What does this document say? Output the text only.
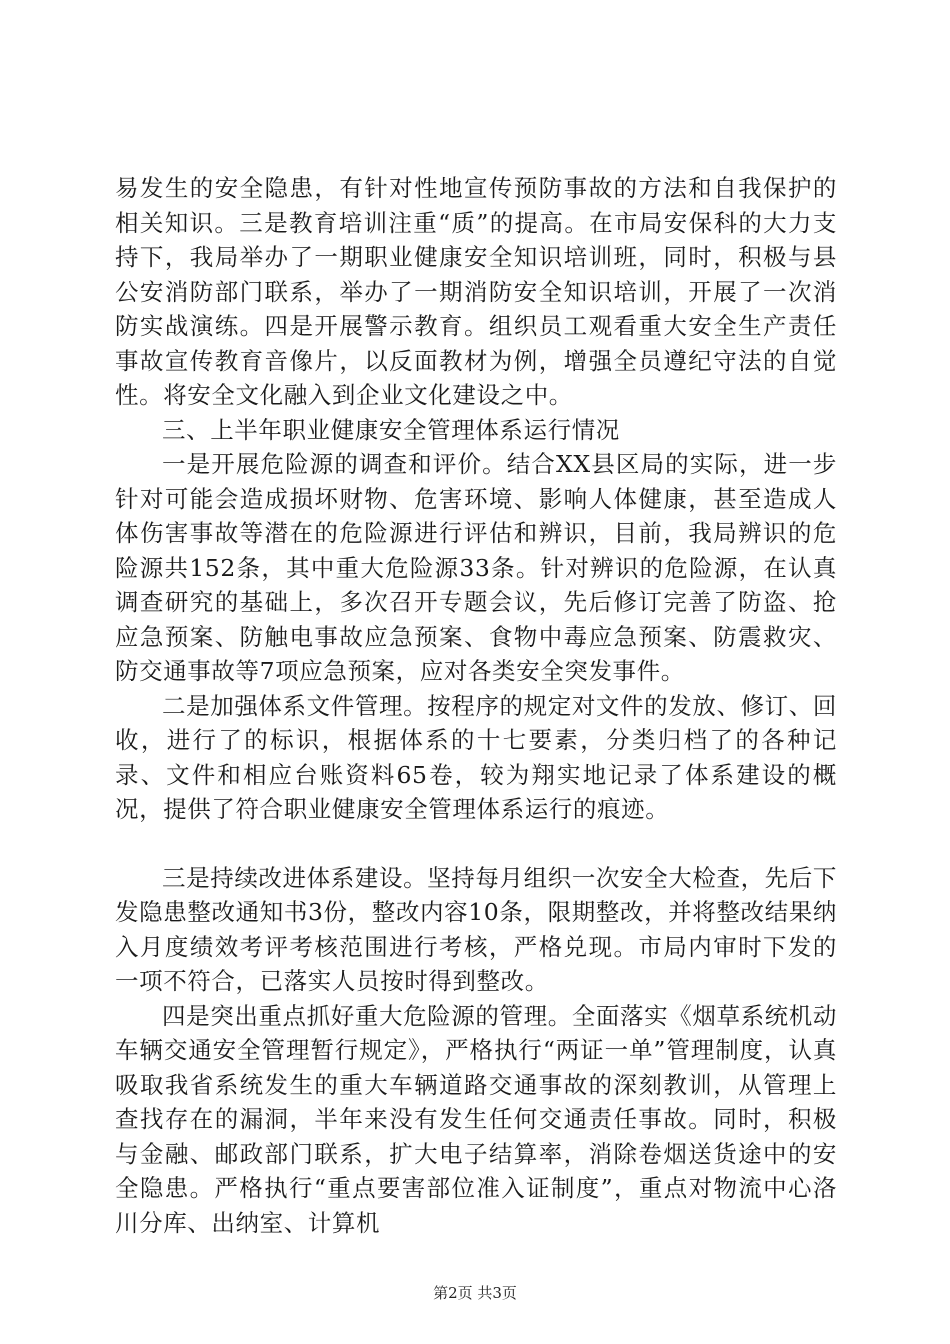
易发生的安全隐患，有针对性地宣传预防事故的方法和自我保护的相关知识。三是教育培训注重“质”的提高。在市局安保科的大力支持下，我局举办了一期职业健康安全知识培训班，同时，积极与县公安消防部门联系，举办了一期消防安全知识培训，开展了一次消防实战演练。四是开展警示教育。组织员工观看重大安全生产责任事故宣传教育音像片，以反面教材为例，增强全员遵纪守法的自觉性。将安全文化融入到企业文化建设之中。

三、上半年职业健康安全管理体系运行情况

一是开展危险源的调查和评价。结合XX县区局的实际，进一步针对可能会造成损坏财物、危害环境、影响人体健康，甚至造成人体伤害事故等潜在的危险源进行评估和辨识，目前，我局辨识的危险源共152条，其中重大危险源33条。针对辨识的危险源，在认真调查研究的基础上，多次召开专题会议，先后修订完善了防盗、抢应急预案、防触电事故应急预案、食物中毒应急预案、防震救灾、防交通事故等7项应急预案，应对各类安全突发事件。

二是加强体系文件管理。按程序的规定对文件的发放、修订、回收，进行了的标识，根据体系的十七要素，分类归档了的各种记录、文件和相应台账资料65卷，较为翔实地记录了体系建设的概况，提供了符合职业健康安全管理体系运行的痕迹。

三是持续改进体系建设。坚持每月组织一次安全大检查，先后下发隐患整改通知书3份，整改内容10条，限期整改，并将整改结果纳入月度绩效考评考核范围进行考核，严格兑现。市局内审时下发的一项不符合，已落实人员按时得到整改。

四是突出重点抓好重大危险源的管理。全面落实《烟草系统机动车辆交通安全管理暂行规定》，严格执行“两证一单”管理制度，认真吸取我省系统发生的重大车辆道路交通事故的深刻教训，从管理上查找存在的漏洞，半年来没有发生任何交通责任事故。同时，积极与金融、邮政部门联系，扩大电子结算率，消除卷烟送货途中的安全隐患。严格执行“重点要害部位准入证制度”，重点对物流中心洛川分库、出纳室、计算机

第2页 共3页
